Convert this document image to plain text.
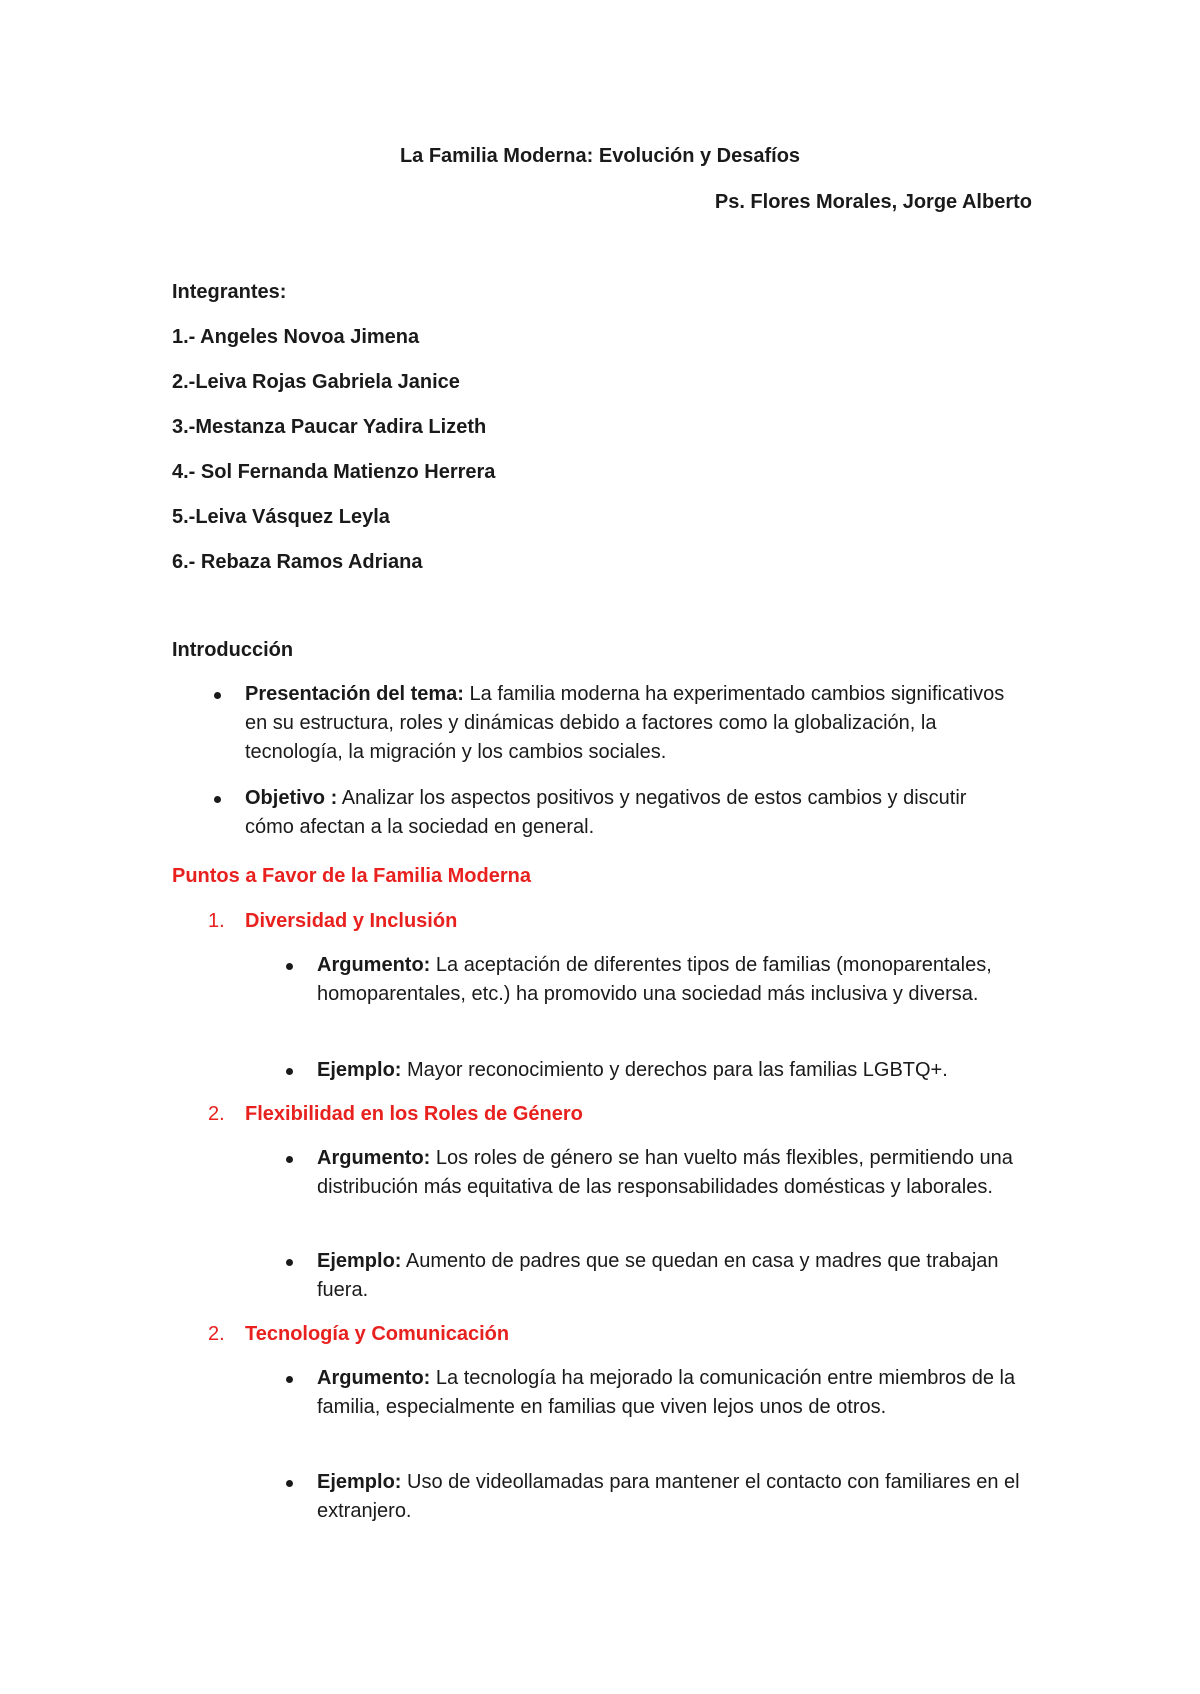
La Familia Moderna: Evolución y Desafíos
Ps. Flores Morales, Jorge Alberto
Integrantes:
1.- Angeles Novoa Jimena
2.-Leiva Rojas Gabriela Janice
3.-Mestanza Paucar Yadira Lizeth
4.- Sol Fernanda Matienzo Herrera
5.-Leiva Vásquez Leyla
6.- Rebaza Ramos Adriana
Introducción
Presentación del tema: La familia moderna ha experimentado cambios significativos en su estructura, roles y dinámicas debido a factores como la globalización, la tecnología, la migración y los cambios sociales.
Objetivo : Analizar los aspectos positivos y negativos de estos cambios y discutir cómo afectan a la sociedad en general.
Puntos a Favor de la Familia Moderna
1. Diversidad y Inclusión
Argumento: La aceptación de diferentes tipos de familias (monoparentales, homoparentales, etc.) ha promovido una sociedad más inclusiva y diversa.
Ejemplo: Mayor reconocimiento y derechos para las familias LGBTQ+.
2. Flexibilidad en los Roles de Género
Argumento: Los roles de género se han vuelto más flexibles, permitiendo una distribución más equitativa de las responsabilidades domésticas y laborales.
Ejemplo: Aumento de padres que se quedan en casa y madres que trabajan fuera.
2. Tecnología y Comunicación
Argumento: La tecnología ha mejorado la comunicación entre miembros de la familia, especialmente en familias que viven lejos unos de otros.
Ejemplo: Uso de videollamadas para mantener el contacto con familiares en el extranjero.
